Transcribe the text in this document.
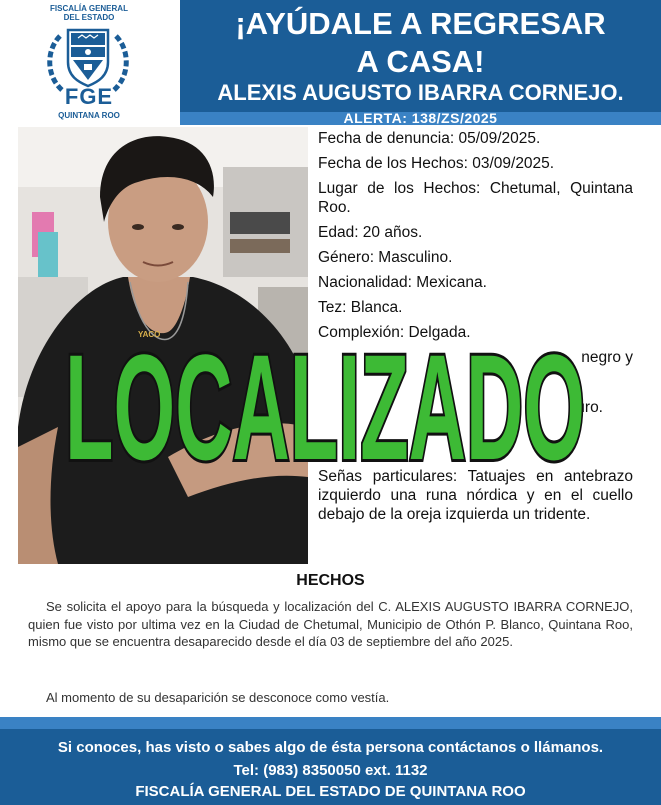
FISCALÍA GENERAL
DEL ESTADO
FGE
QUINTANA ROO
¡AYÚDALE A REGRESAR
A CASA!
ALEXIS AUGUSTO IBARRA CORNEJO.
ALERTA: 138/ZS/2025
YACO

Fecha de denuncia: 05/09/2025.

Fecha de los Hechos: 03/09/2025.

Lugar de los Hechos: Chetumal, Quintana Roo.

Edad: 20 años.

Género: Masculino.

Nacionalidad: Mexicana.

Tez: Blanca.

Complexión: Delgada.

negro y

curo.

Señas particulares: Tatuajes en antebrazo izquierdo una runa nórdica y en el cuello debajo de la oreja izquierda un tridente.

LOCALIZADO
HECHOS

Se solicita el apoyo para la búsqueda y localización del C. ALEXIS AUGUSTO IBARRA CORNEJO, quien fue visto por ultima vez en la Ciudad de Chetumal, Municipio de Othón P. Blanco, Quintana Roo, mismo que se encuentra desaparecido desde el día 03 de septiembre del año 2025.

Al momento de su desaparición se desconoce como vestía.

Si conoces, has visto o sabes algo de ésta persona contáctanos o llámanos.
Tel: (983) 8350050 ext. 1132
FISCALÍA GENERAL DEL ESTADO DE QUINTANA ROO
